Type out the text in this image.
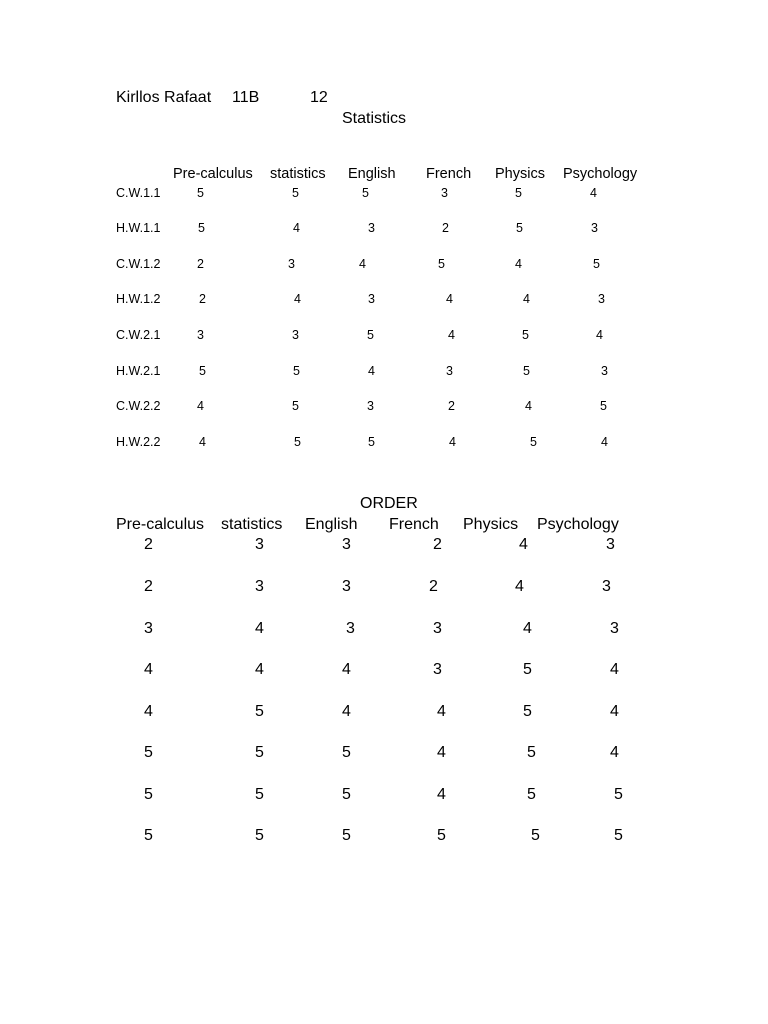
Kirllos Rafaat 11B	12
Statistics
Pre-calculus statistics English French Physics Psychology
C.W.1.1	5	5	5	3	5	4
H.W.1.1	5	4	3	2	5	3
C.W.1.2	2	3	4	5	4	5
H.W.1.2	2	4	3	4	4	3
C.W.2.1	3	3	5	4	5	4
H.W.2.1	5	5	4	3	5	3
C.W.2.2	4	5	3	2	4	5
H.W.2.2	4	5	5	4	5	4
ORDER
Pre-calculus statistics English French Physics Psychology
2	3	3	2	4	3
2	3	3	2	4	3
3	4	3	3	4	3
4	4	4	3	5	4
4	5	4	4	5	4
5	5	5	4	5	4
5	5	5	4	5	5
5	5	5	5	5	5
